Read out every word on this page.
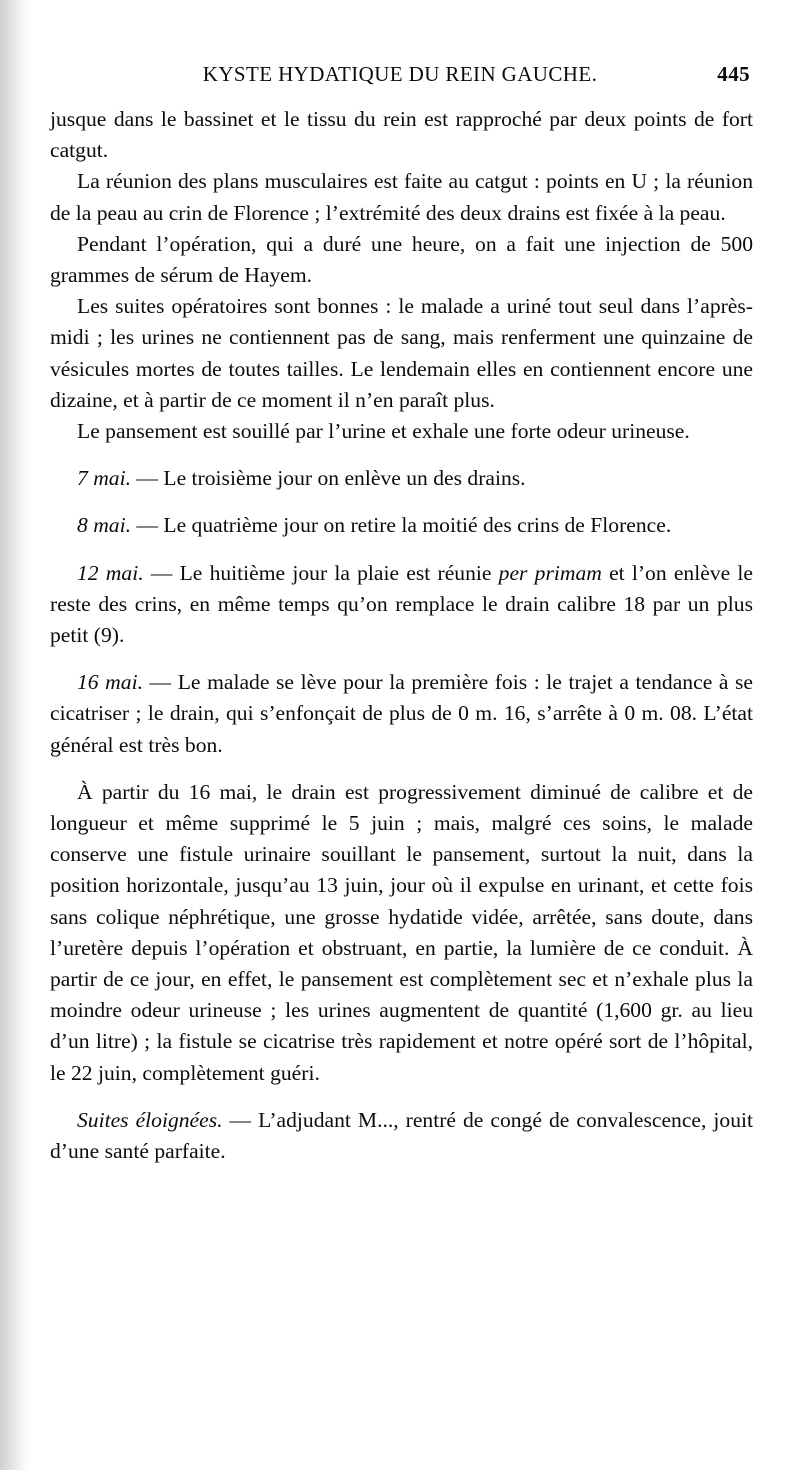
KYSTE HYDATIQUE DU REIN GAUCHE.	445

jusque dans le bassinet et le tissu du rein est rapproché par deux points de fort catgut.

La réunion des plans musculaires est faite au catgut : points en U ; la réunion de la peau au crin de Florence ; l’extrémité des deux drains est fixée à la peau.

Pendant l’opération, qui a duré une heure, on a fait une injection de 500 grammes de sérum de Hayem.

Les suites opératoires sont bonnes : le malade a uriné tout seul dans l’après-midi ; les urines ne contiennent pas de sang, mais renferment une quinzaine de vésicules mortes de toutes tailles. Le lendemain elles en contiennent encore une dizaine, et à partir de ce moment il n’en paraît plus.

Le pansement est souillé par l’urine et exhale une forte odeur urineuse.

7 mai. — Le troisième jour on enlève un des drains.

8 mai. — Le quatrième jour on retire la moitié des crins de Florence.

12 mai. — Le huitième jour la plaie est réunie per primam et l’on enlève le reste des crins, en même temps qu’on remplace le drain calibre 18 par un plus petit (9).

16 mai. — Le malade se lève pour la première fois : le trajet a tendance à se cicatriser ; le drain, qui s’enfonçait de plus de 0 m. 16, s’arrête à 0 m. 08. L’état général est très bon.

À partir du 16 mai, le drain est progressivement diminué de calibre et de longueur et même supprimé le 5 juin ; mais, malgré ces soins, le malade conserve une fistule urinaire souillant le pansement, surtout la nuit, dans la position horizontale, jusqu’au 13 juin, jour où il expulse en urinant, et cette fois sans colique néphrétique, une grosse hydatide vidée, arrêtée, sans doute, dans l’uretère depuis l’opération et obstruant, en partie, la lumière de ce conduit. À partir de ce jour, en effet, le pansement est complètement sec et n’exhale plus la moindre odeur urineuse ; les urines augmentent de quantité (1,600 gr. au lieu d’un litre) ; la fistule se cicatrise très rapidement et notre opéré sort de l’hôpital, le 22 juin, complètement guéri.

Suites éloignées. — L’adjudant M..., rentré de congé de convalescence, jouit d’une santé parfaite.
